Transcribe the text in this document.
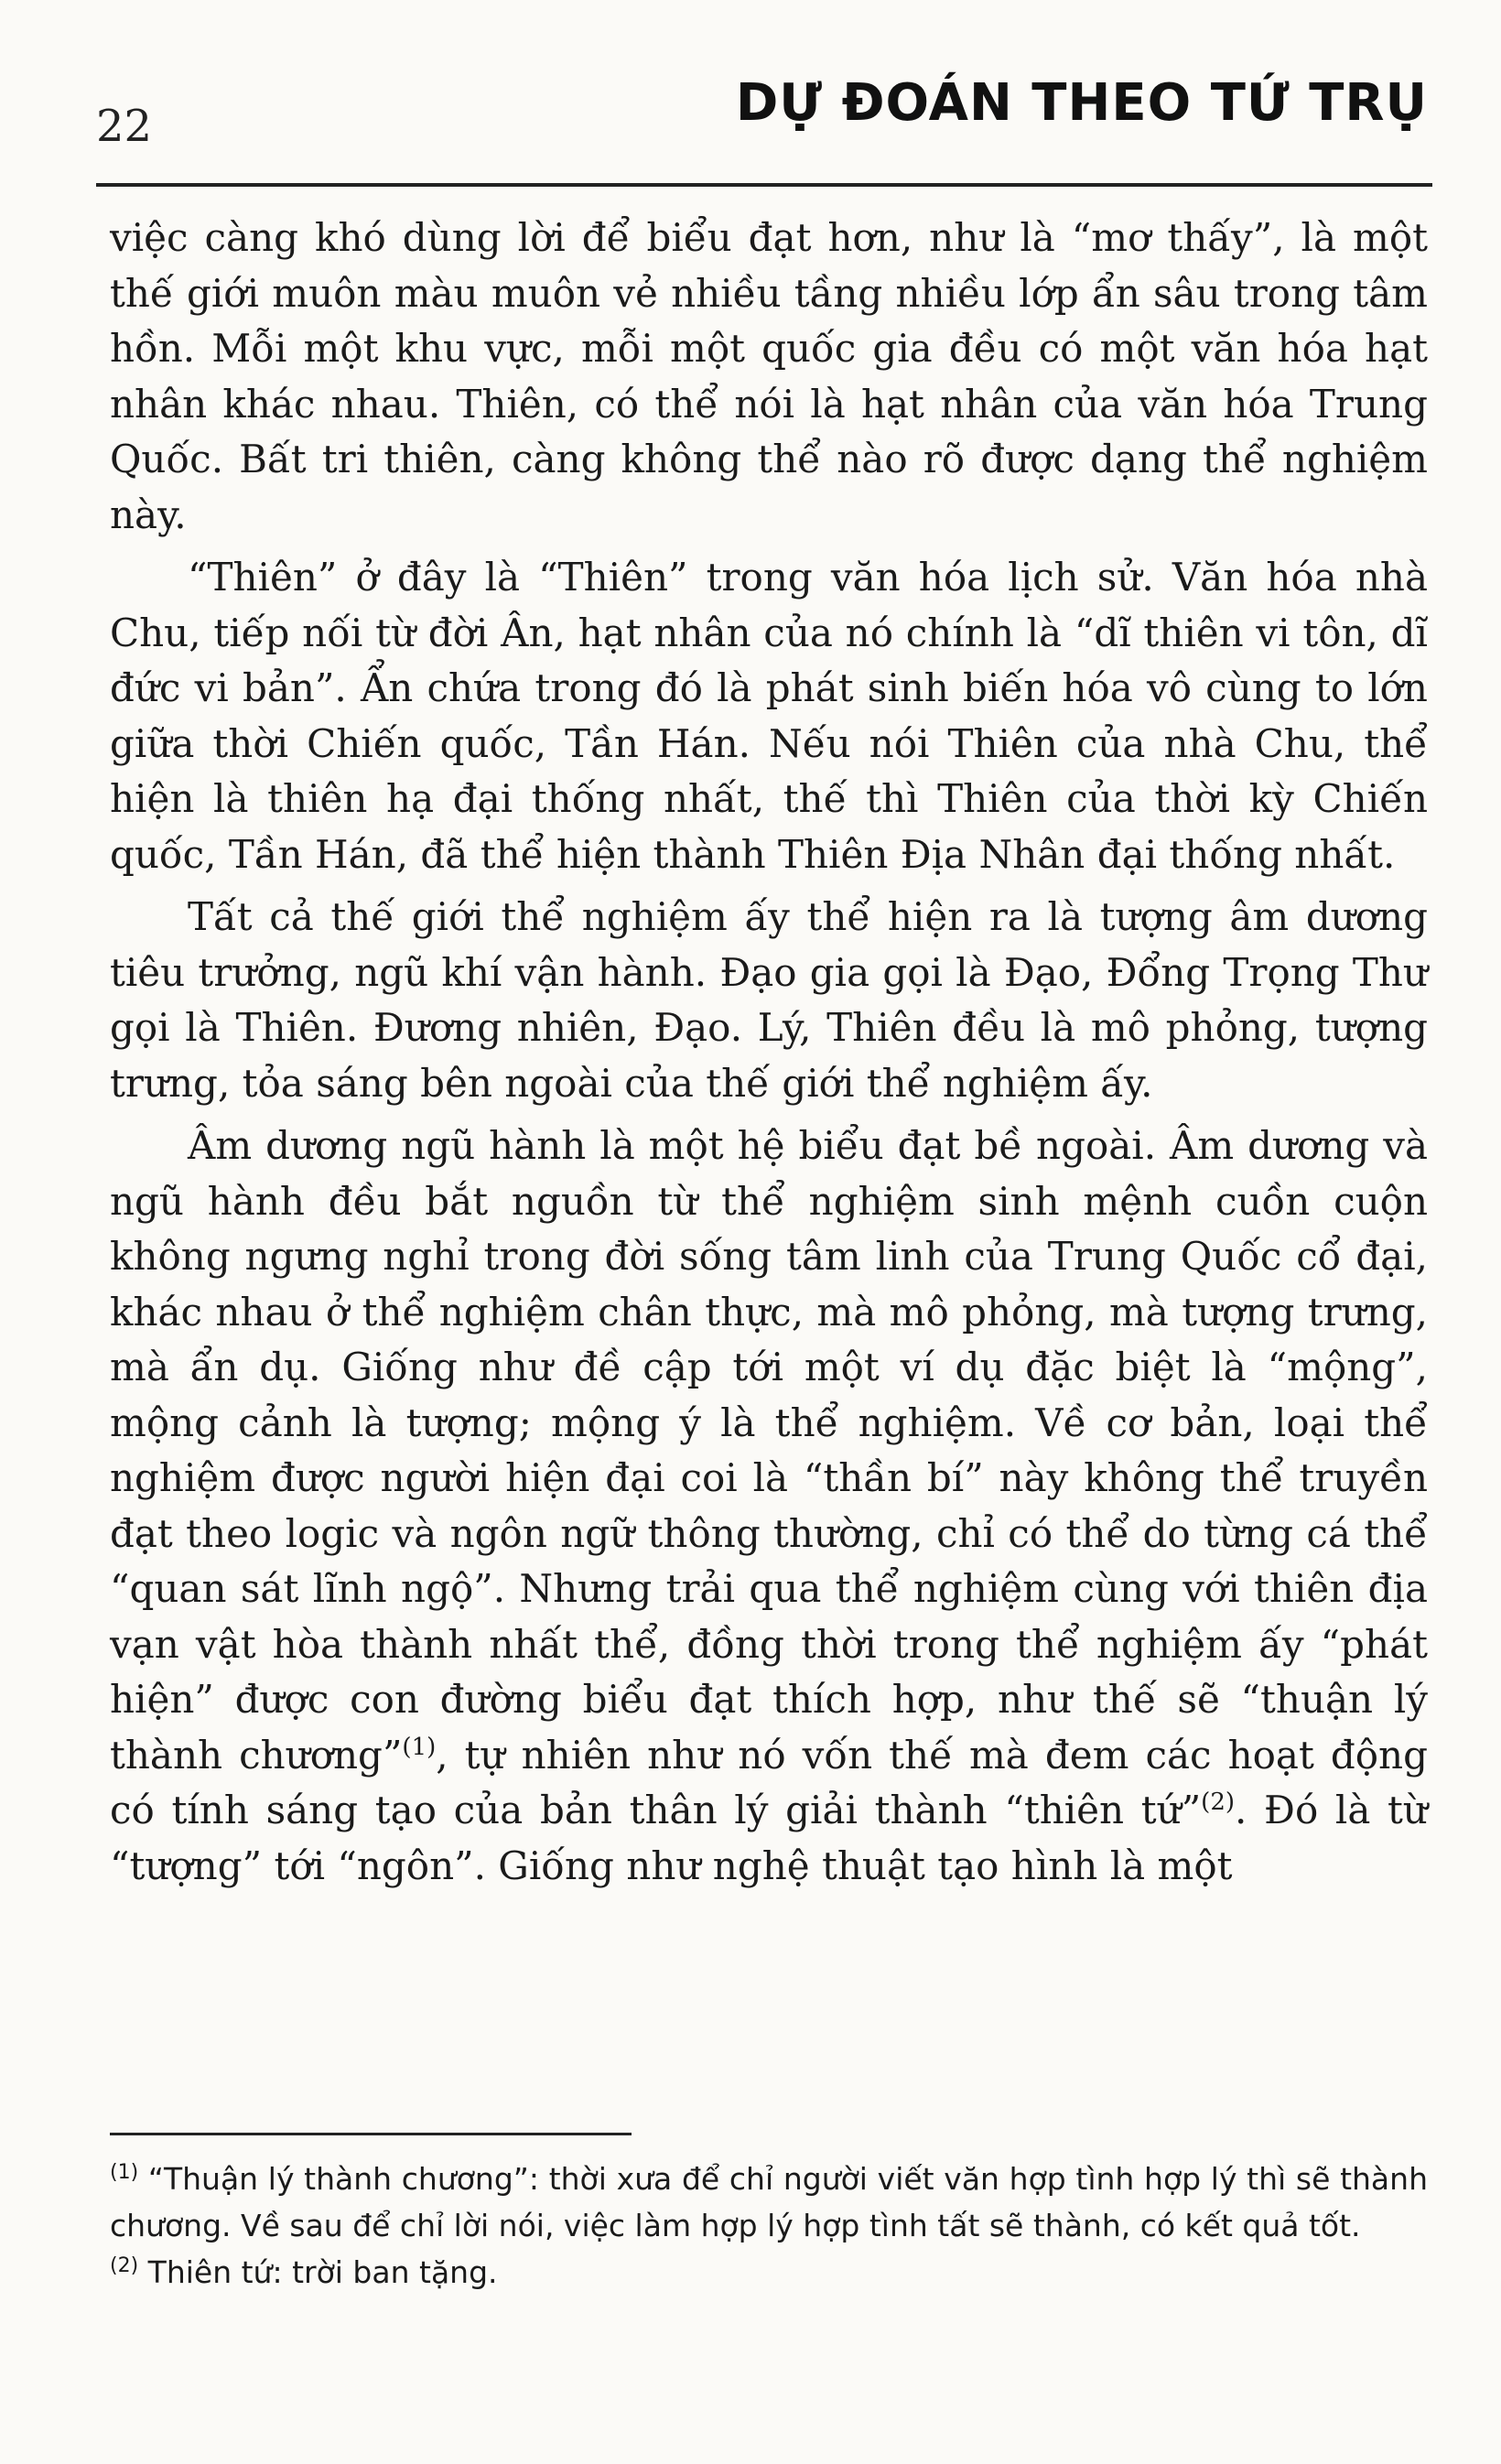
22	DỰ ĐOÁN THEO TỨ TRỤ

việc càng khó dùng lời để biểu đạt hơn, như là “mơ thấy”, là một thế giới muôn màu muôn vẻ nhiều tầng nhiều lớp ẩn sâu trong tâm hồn. Mỗi một khu vực, mỗi một quốc gia đều có một văn hóa hạt nhân khác nhau. Thiên, có thể nói là hạt nhân của văn hóa Trung Quốc. Bất tri thiên, càng không thể nào rõ được dạng thể nghiệm này.

“Thiên” ở đây là “Thiên” trong văn hóa lịch sử. Văn hóa nhà Chu, tiếp nối từ đời Ân, hạt nhân của nó chính là “dĩ thiên vi tôn, dĩ đức vi bản”. Ẩn chứa trong đó là phát sinh biến hóa vô cùng to lớn giữa thời Chiến quốc, Tần Hán. Nếu nói Thiên của nhà Chu, thể hiện là thiên hạ đại thống nhất, thế thì Thiên của thời kỳ Chiến quốc, Tần Hán, đã thể hiện thành Thiên Địa Nhân đại thống nhất.

Tất cả thế giới thể nghiệm ấy thể hiện ra là tượng âm dương tiêu trưởng, ngũ khí vận hành. Đạo gia gọi là Đạo, Đổng Trọng Thư gọi là Thiên. Đương nhiên, Đạo. Lý, Thiên đều là mô phỏng, tượng trưng, tỏa sáng bên ngoài của thế giới thể nghiệm ấy.

Âm dương ngũ hành là một hệ biểu đạt bề ngoài. Âm dương và ngũ hành đều bắt nguồn từ thể nghiệm sinh mệnh cuồn cuộn không ngưng nghỉ trong đời sống tâm linh của Trung Quốc cổ đại, khác nhau ở thể nghiệm chân thực, mà mô phỏng, mà tượng trưng, mà ẩn dụ. Giống như đề cập tới một ví dụ đặc biệt là “mộng”, mộng cảnh là tượng; mộng ý là thể nghiệm. Về cơ bản, loại thể nghiệm được người hiện đại coi là “thần bí” này không thể truyền đạt theo logic và ngôn ngữ thông thường, chỉ có thể do từng cá thể “quan sát lĩnh ngộ”. Nhưng trải qua thể nghiệm cùng với thiên địa vạn vật hòa thành nhất thể, đồng thời trong thể nghiệm ấy “phát hiện” được con đường biểu đạt thích hợp, như thế sẽ “thuận lý thành chương”$^{(1)}$, tự nhiên như nó vốn thế mà đem các hoạt động có tính sáng tạo của bản thân lý giải thành “thiên tứ”$^{(2)}$. Đó là từ “tượng” tới “ngôn”. Giống như nghệ thuật tạo hình là một

$^{(1)}$ “Thuận lý thành chương”: thời xưa để chỉ người viết văn hợp tình hợp lý thì sẽ thành chương. Về sau để chỉ lời nói, việc làm hợp lý hợp tình tất sẽ thành, có kết quả tốt.

$^{(2)}$ Thiên tứ: trời ban tặng.
